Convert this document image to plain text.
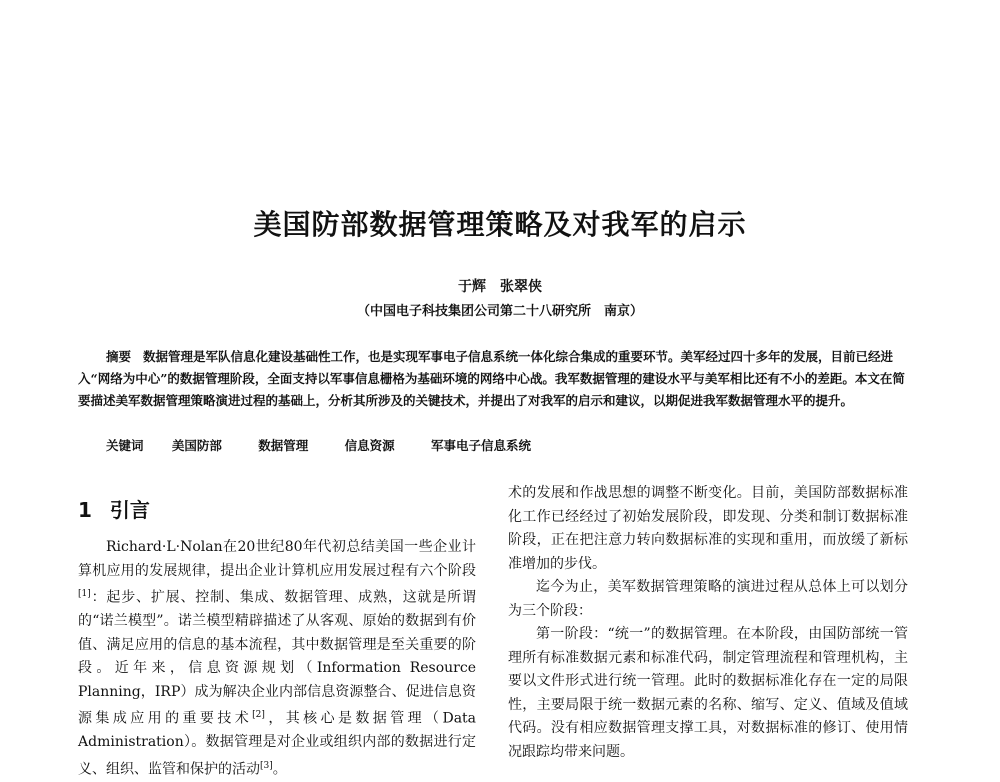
美国防部数据管理策略及对我军的启示
于辉　张翠侠
（中国电子科技集团公司第二十八研究所　南京）

摘要 数据管理是军队信息化建设基础性工作，也是实现军事电子信息系统一体化综合集成的重要环节。美军经过四十多年的发展，目前已经进入“网络为中心”的数据管理阶段，全面支持以军事信息栅格为基础环境的网络中心战。我军数据管理的建设水平与美军相比还有不小的差距。本文在简要描述美军数据管理策略演进过程的基础上，分析其所涉及的关键技术，并提出了对我军的启示和建议，以期促进我军数据管理水平的提升。

关键词 美国防部	数据管理	信息资源	军事电子信息系统
1 引言

Richard·L·Nolan在20世纪80年代初总结美国一些企业计算机应用的发展规律，提出企业计算机应用发展过程有六个阶段[1]：起步、扩展、控制、集成、数据管理、成熟，这就是所谓的“诺兰模型”。诺兰模型精辟描述了从客观、原始的数据到有价值、满足应用的信息的基本流程，其中数据管理是至关重要的阶段。近年来，信息资源规划（Information Resource Planning，IRP）成为解决企业内部信息资源整合、促进信息资源集成应用的重要技术[2]，其核心是数据管理（Data Administration）。数据管理是对企业或组织内部的数据进行定义、组织、监管和保护的活动[3]。

术的发展和作战思想的调整不断变化。目前，美国防部数据标准化工作已经经过了初始发展阶段，即发现、分类和制订数据标准阶段，正在把注意力转向数据标准的实现和重用，而放缓了新标准增加的步伐。

迄今为止，美军数据管理策略的演进过程从总体上可以划分为三个阶段：

第一阶段：“统一”的数据管理。在本阶段，由国防部统一管理所有标准数据元素和标准代码，制定管理流程和管理机构，主要以文件形式进行统一管理。此时的数据标准化存在一定的局限性，主要局限于统一数据元素的名称、缩写、定义、值域及值域代码。没有相应数据管理支撑工具，对数据标准的修订、使用情况跟踪均带来问题。
